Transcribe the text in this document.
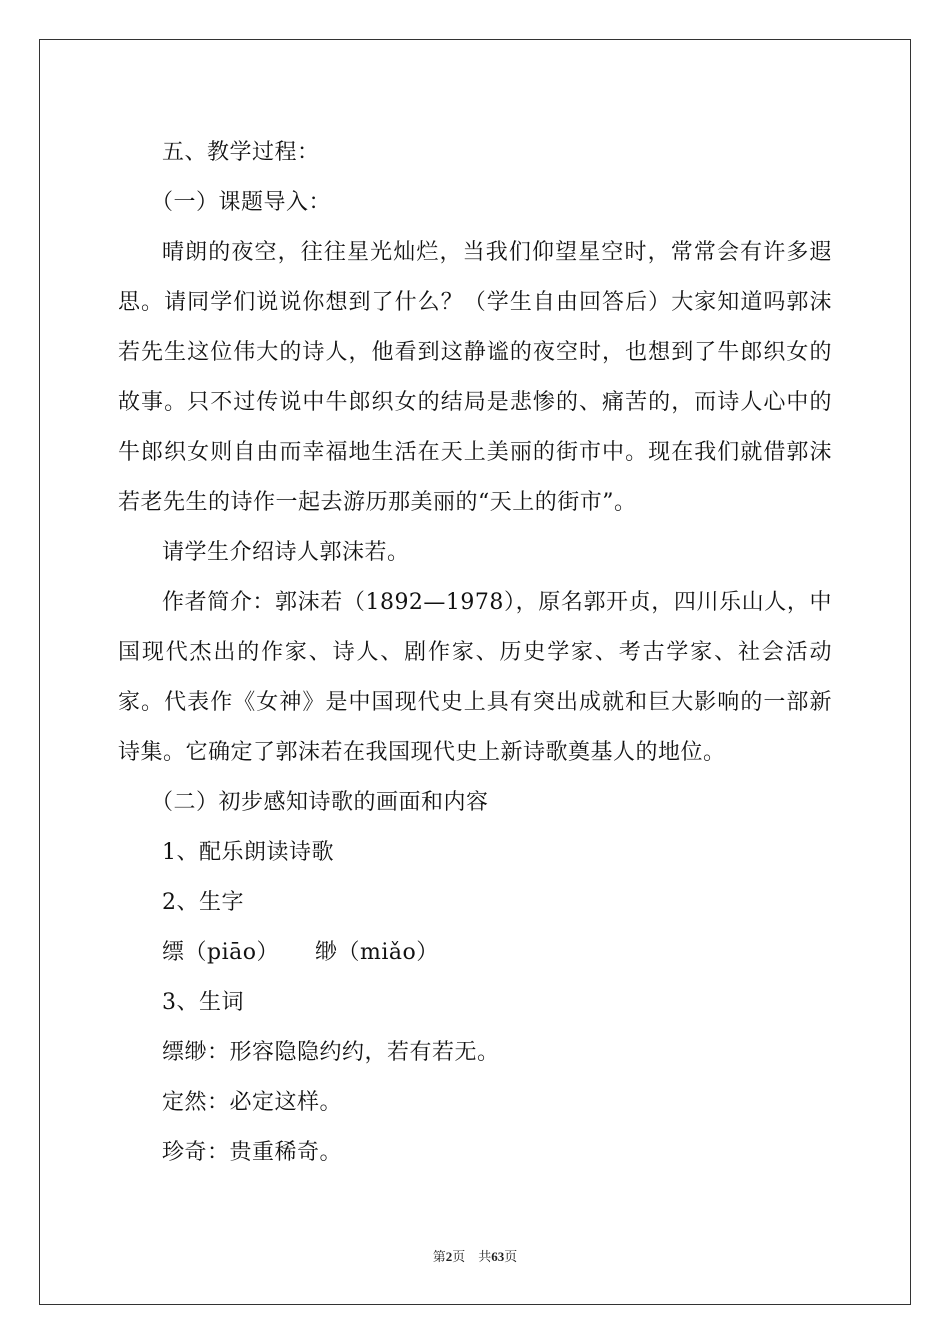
五、教学过程：
（一）课题导入：
晴朗的夜空，往往星光灿烂，当我们仰望星空时，常常会有许多遐思。请同学们说说你想到了什么？（学生自由回答后）大家知道吗郭沫若先生这位伟大的诗人，他看到这静谧的夜空时，也想到了牛郎织女的故事。只不过传说中牛郎织女的结局是悲惨的、痛苦的，而诗人心中的牛郎织女则自由而幸福地生活在天上美丽的街市中。现在我们就借郭沫若老先生的诗作一起去游历那美丽的“天上的街市”。
请学生介绍诗人郭沫若。
作者简介：郭沫若（1892—1978），原名郭开贞，四川乐山人，中国现代杰出的作家、诗人、剧作家、历史学家、考古学家、社会活动家。代表作《女神》是中国现代史上具有突出成就和巨大影响的一部新诗集。它确定了郭沫若在我国现代史上新诗歌奠基人的地位。
（二）初步感知诗歌的画面和内容
1、配乐朗读诗歌
2、生字
缥（piāo） 缈（miǎo）
3、生词
缥缈：形容隐隐约约，若有若无。
定然：必定这样。
珍奇：贵重稀奇。
第2页 共63页
